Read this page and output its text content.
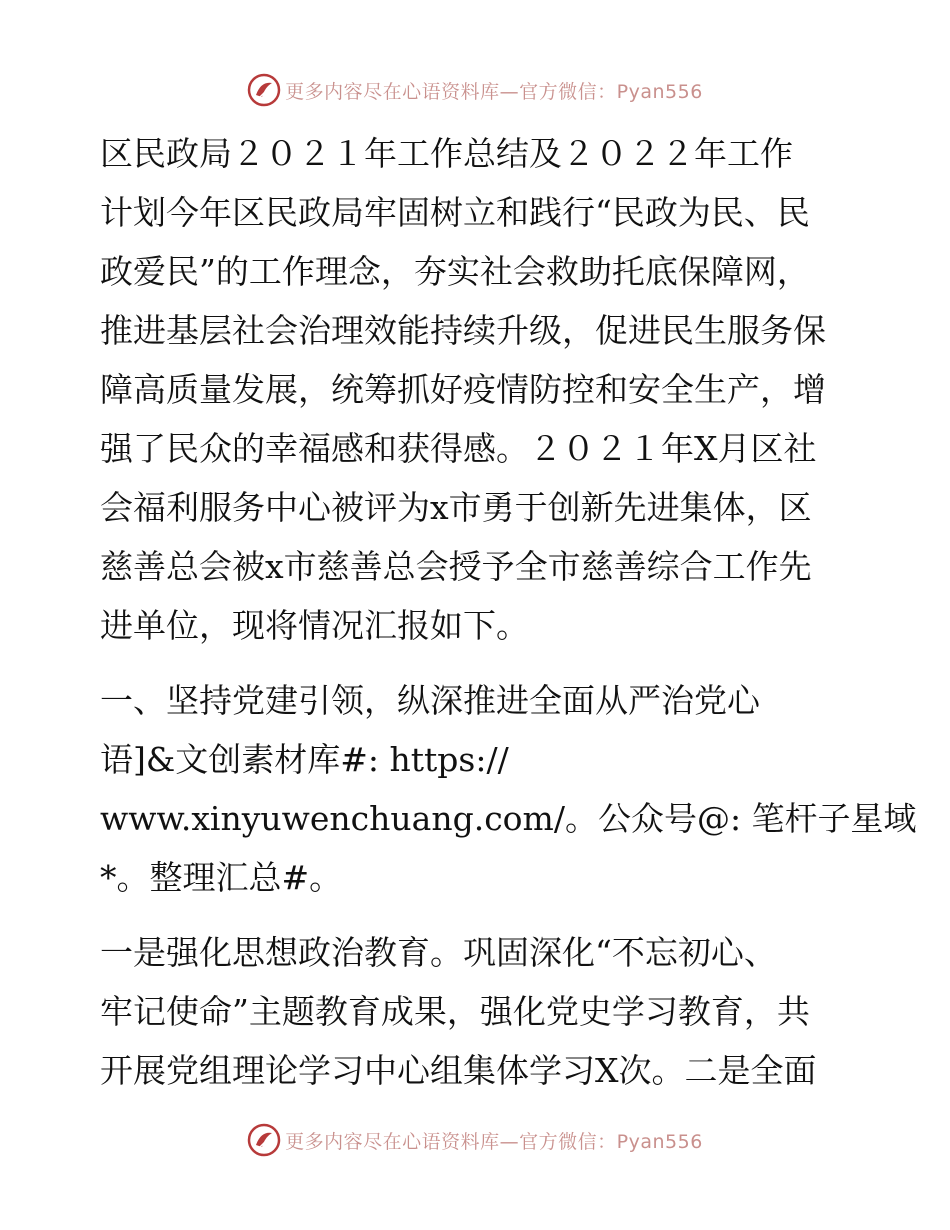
更多内容尽在心语资料库—官方微信：Pyan556
区民政局２０２１年工作总结及２０２２年工作
计划今年区民政局牢固树立和践行“民政为民、民
政爱民”的工作理念，夯实社会救助托底保障网，
推进基层社会治理效能持续升级，促进民生服务保
障高质量发展，统筹抓好疫情防控和安全生产，增
强了民众的幸福感和获得感。２０２１年X月区社
会福利服务中心被评为x市勇于创新先进集体，区
慈善总会被x市慈善总会授予全市慈善综合工作先
进单位，现将情况汇报如下。
一、坚持党建引领，纵深推进全面从严治党心
语]&文创素材库#: https://
www.xinyuwenchuang.com/。公众号@: 笔杆子星域
*。整理汇总#。
一是强化思想政治教育。巩固深化“不忘初心、
牢记使命”主题教育成果，强化党史学习教育，共
开展党组理论学习中心组集体学习X次。二是全面
更多内容尽在心语资料库—官方微信：Pyan556
